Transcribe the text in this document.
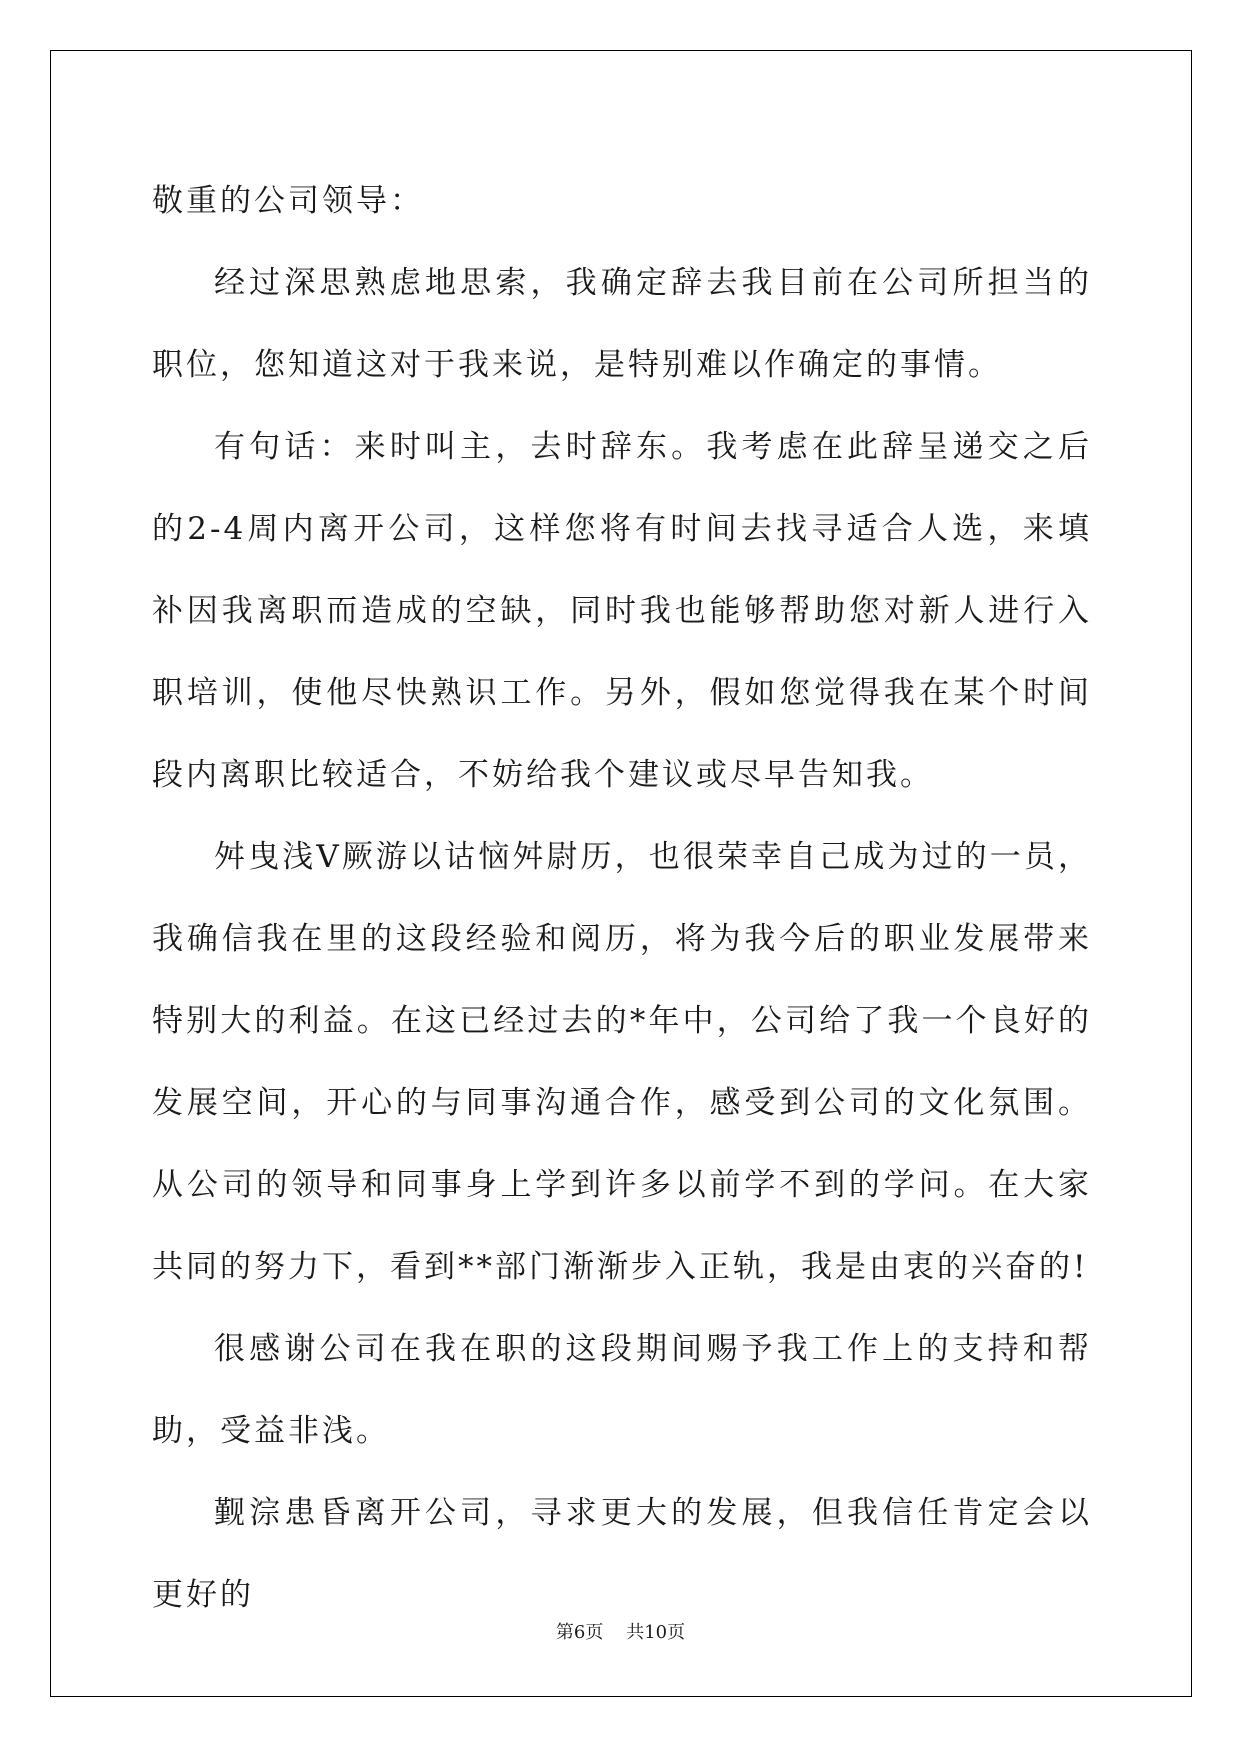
敬重的公司领导：

经过深思熟虑地思索，我确定辞去我目前在公司所担当的职位，您知道这对于我来说，是特别难以作确定的事情。

有句话：来时叫主，去时辞东。我考虑在此辞呈递交之后的2-4周内离开公司，这样您将有时间去找寻适合人选，来填补因我离职而造成的空缺，同时我也能够帮助您对新人进行入职培训，使他尽快熟识工作。另外，假如您觉得我在某个时间段内离职比较适合，不妨给我个建议或尽早告知我。

舛曳浅Ⅴ厥游以诂恼舛尉历，也很荣幸自己成为过的一员，我确信我在里的这段经验和阅历，将为我今后的职业发展带来特别大的利益。在这已经过去的*年中，公司给了我一个良好的发展空间，开心的与同事沟通合作，感受到公司的文化氛围。从公司的领导和同事身上学到许多以前学不到的学问。在大家共同的努力下，看到**部门渐渐步入正轨，我是由衷的兴奋的!

很感谢公司在我在职的这段期间赐予我工作上的支持和帮助，受益非浅。

觐淙患昏离开公司，寻求更大的发展，但我信任肯定会以更好的

第6页 共10页
